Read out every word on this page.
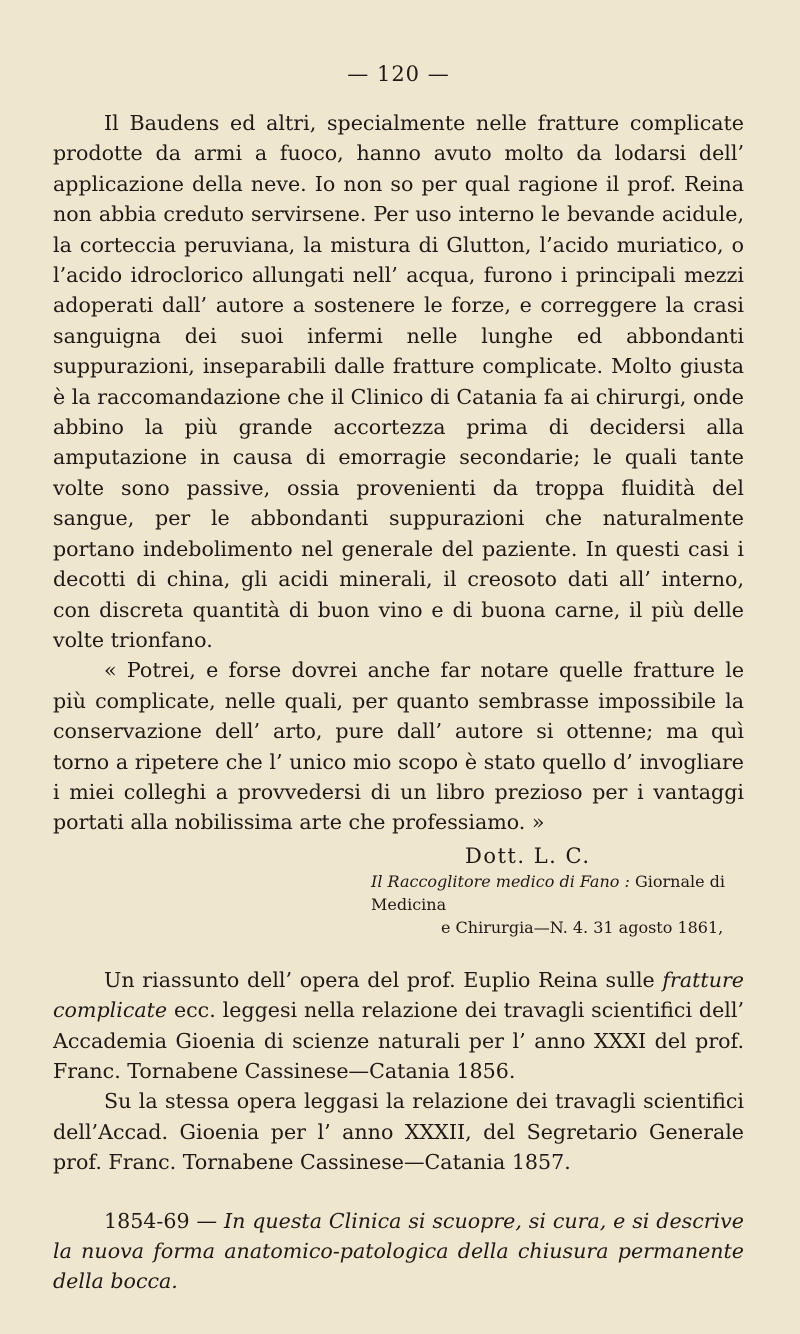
— 120 —

Il Baudens ed altri, specialmente nelle fratture complicate prodotte da armi a fuoco, hanno avuto molto da lodarsi dell’ applicazione della neve. Io non so per qual ragione il prof. Reina non abbia creduto servirsene. Per uso interno le bevande acidule, la corteccia peruviana, la mistura di Glutton, l’acido muriatico, o l’acido idroclorico allungati nell’ acqua, furono i principali mezzi adoperati dall’ autore a sostenere le forze, e correggere la crasi sanguigna dei suoi infermi nelle lunghe ed abbondanti suppurazioni, inseparabili dalle fratture complicate. Molto giusta è la raccomandazione che il Clinico di Catania fa ai chirurgi, onde abbino la più grande accortezza prima di decidersi alla amputazione in causa di emorragie secondarie; le quali tante volte sono passive, ossia provenienti da troppa fluidità del sangue, per le abbondanti suppurazioni che naturalmente portano indebolimento nel generale del paziente. In questi casi i decotti di china, gli acidi minerali, il creosoto dati all’ interno, con discreta quantità di buon vino e di buona carne, il più delle volte trionfano.

« Potrei, e forse dovrei anche far notare quelle fratture le più complicate, nelle quali, per quanto sembrasse impossibile la conservazione dell’ arto, pure dall’ autore si ottenne; ma quì torno a ripetere che l’ unico mio scopo è stato quello d’ invogliare i miei colleghi a provvedersi di un libro prezioso per i vantaggi portati alla nobilissima arte che professiamo. »

Dott. L. C.

Il Raccoglitore medico di Fano : Giornale di Medicina

e Chirurgia—N. 4. 31 agosto 1861,

Un riassunto dell’ opera del prof. Euplio Reina sulle fratture complicate ecc. leggesi nella relazione dei travagli scientifici dell’ Accademia Gioenia di scienze naturali per l’ anno XXXI del prof. Franc. Tornabene Cassinese—Catania 1856.

Su la stessa opera leggasi la relazione dei travagli scientifici dell’Accad. Gioenia per l’ anno XXXII, del Segretario Generale prof. Franc. Tornabene Cassinese—Catania 1857.

1854-69 — In questa Clinica si scuopre, si cura, e si descrive la nuova forma anatomico-patologica della chiusura permanente della bocca.
